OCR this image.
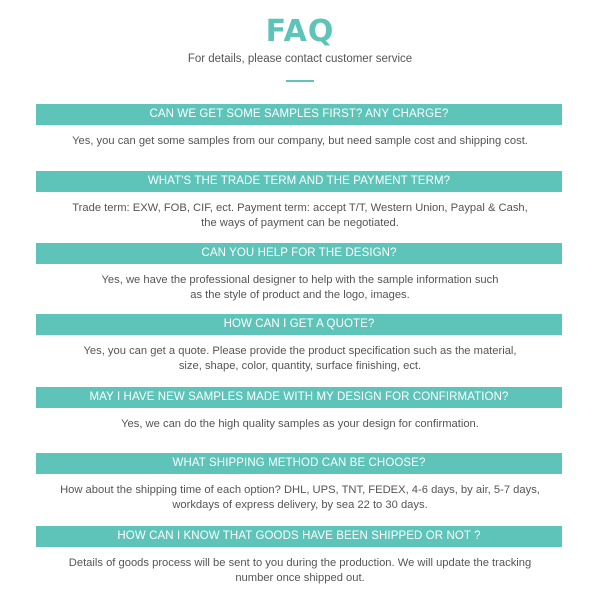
FAQ
For details, please contact customer service
CAN WE GET SOME SAMPLES FIRST? ANY CHARGE?
Yes, you can get some samples from our company, but need sample cost and shipping cost.
WHAT'S THE TRADE TERM AND THE PAYMENT TERM?
Trade term: EXW, FOB, CIF, ect. Payment term: accept T/T, Western Union, Paypal & Cash,
the ways of payment can be negotiated.
CAN YOU HELP FOR THE DESIGN?
Yes, we have the professional designer to help with the sample information such
as the style of product and the logo, images.
HOW CAN I GET A QUOTE?
Yes, you can get a quote. Please provide the product specification such as the material,
size, shape, color, quantity, surface finishing, ect.
MAY I HAVE NEW SAMPLES MADE WITH MY DESIGN FOR CONFIRMATION?
Yes, we can do the high quality samples as your design for confirmation.
WHAT SHIPPING METHOD CAN BE CHOOSE?
How about the shipping time of each option? DHL, UPS, TNT, FEDEX, 4-6 days, by air, 5-7 days,
workdays of express delivery, by sea 22 to 30 days.
HOW CAN I KNOW THAT GOODS HAVE BEEN SHIPPED OR NOT ?
Details of goods process will be sent to you during the production. We will update the tracking
number once shipped out.
